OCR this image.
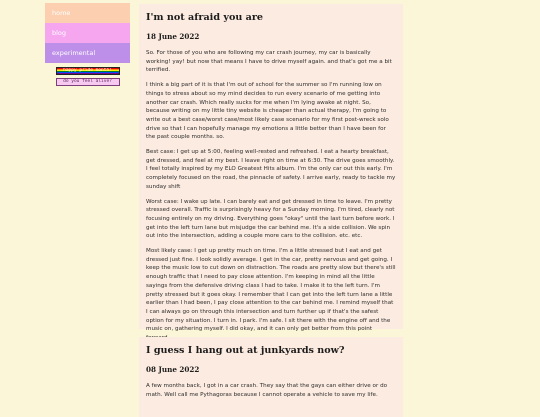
home
blog
experimental
happy pride month!
do you feel alive?
I'm not afraid you are
18 June 2022

So. For those of you who are following my car crash journey, my car is basically working! yay! but now that means I have to drive myself again. and that's got me a bit terrified.

I think a big part of it is that I'm out of school for the summer so I'm running low on things to stress about so my mind decides to run every scenario of me getting into another car crash. Which really sucks for me when I'm lying awake at night. So, because writing on my little tiny website is cheaper than actual therapy, I'm going to write out a best case/worst case/most likely case scenario for my first post-wreck solo drive so that I can hopefully manage my emotions a little better than I have been for the past couple months. so.

Best case: I get up at 5:00, feeling well-rested and refreshed. I eat a hearty breakfast, get dressed, and feel at my best. I leave right on time at 6:30. The drive goes smoothly. I feel totally inspired by my ELO Greatest Hits album. I'm the only car out this early. I'm completely focused on the road, the pinnacle of safety. I arrive early, ready to tackle my sunday shift

Worst case: I wake up late. I can barely eat and get dressed in time to leave. I'm pretty stressed overall. Traffic is surprisingly heavy for a Sunday morning. I'm tired, clearly not focusing entirely on my driving. Everything goes "okay" until the last turn before work. I get into the left turn lane but misjudge the car behind me. It's a side collision. We spin out into the intersection, adding a couple more cars to the collision. etc. etc.

Most likely case: I get up pretty much on time. I'm a little stressed but I eat and get dressed just fine. I look solidly average. I get in the car, pretty nervous and get going. I keep the music low to cut down on distraction. The roads are pretty slow but there's still enough traffic that I need to pay close attention. I'm keeping in mind all the little sayings from the defensive driving class I had to take. I make it to the left turn. I'm pretty stressed but it goes okay. I remember that I can get into the left turn lane a little earlier than I had been, I pay close attention to the car behind me. I remind myself that I can always go on through this intersection and turn further up if that's the safest option for my situation. I turn in. I park. I'm safe. I sit there with the engine off and the music on, gathering myself. I did okay, and it can only get better from this point

I guess I hang out at junkyards now?
08 June 2022

A few months back, I got in a car crash. They say that the gays can either drive or do math. Well call me Pythagoras because I cannot operate a vehicle to save my life.
